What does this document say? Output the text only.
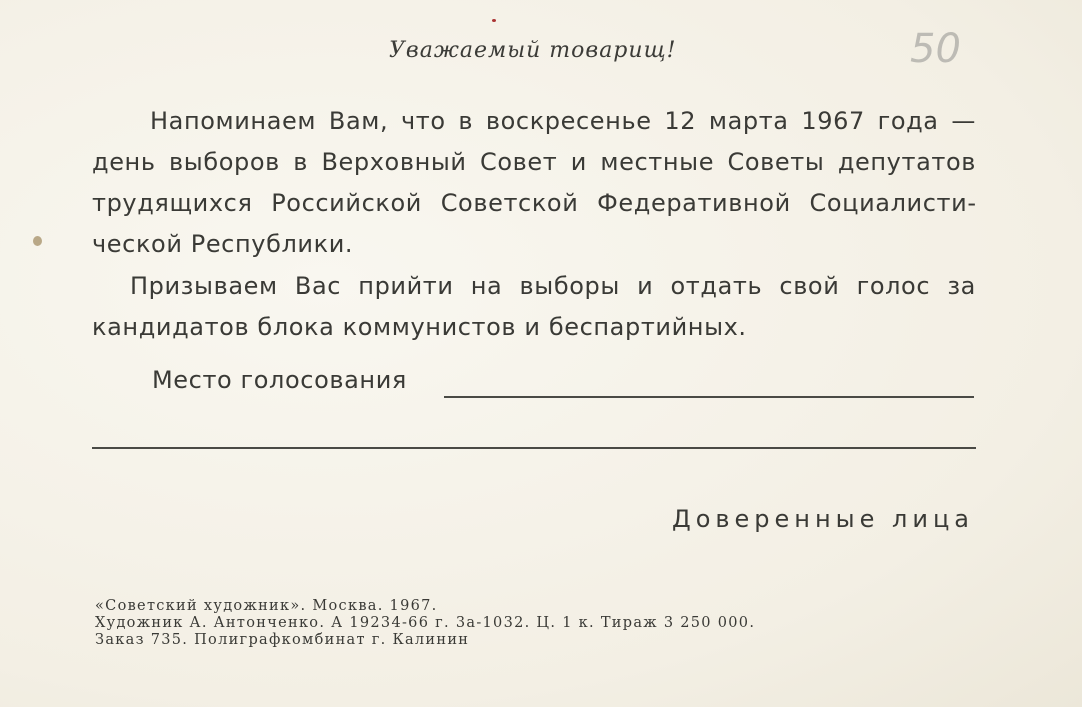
Уважаемый товарищ!	50
Напоминаем Вам, что в воскресенье 12 марта 1967 года — день выборов в Верховный Совет и местные Советы депутатов трудящихся Российской Советской Федеративной Социалистической Республики.
Призываем Вас прийти на выборы и отдать свой голос за кандидатов блока коммунистов и беспартийных.
Место голосования
Доверенные лица
«Советский художник». Москва. 1967.
Художник А. Антонченко. А 19234-66 г. 3а-1032. Ц. 1 к. Тираж 3 250 000.
Заказ 735. Полиграфкомбинат г. Калинин
